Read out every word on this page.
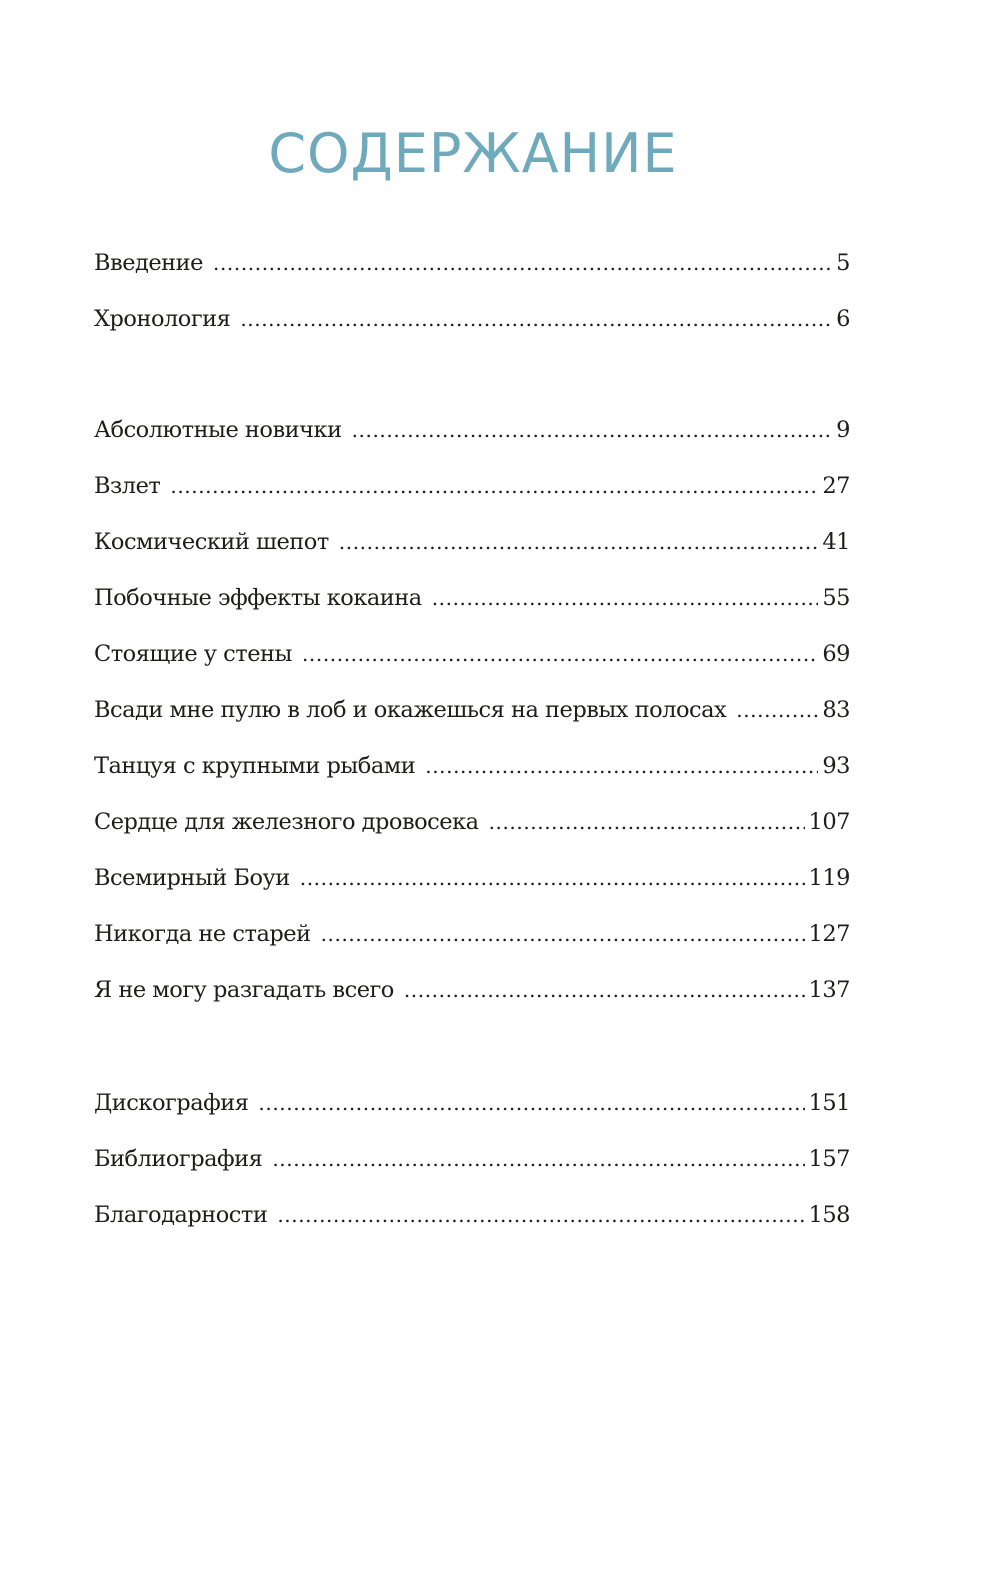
СОДЕРЖАНИЕ
Введение .....	5
Хронология .....	6
Абсолютные новички .....	9
Взлет .....	27
Космический шепот .....	41
Побочные эффекты кокаина .....	55
Стоящие у стены .....	69
Всади мне пулю в лоб и окажешься на первых полосах .....	83
Танцуя с крупными рыбами .....	93
Сердце для железного дровосека .....	107
Всемирный Боуи .....	119
Никогда не старей .....	127
Я не могу разгадать всего .....	137
Дискография .....	151
Библиография .....	157
Благодарности .....	158
